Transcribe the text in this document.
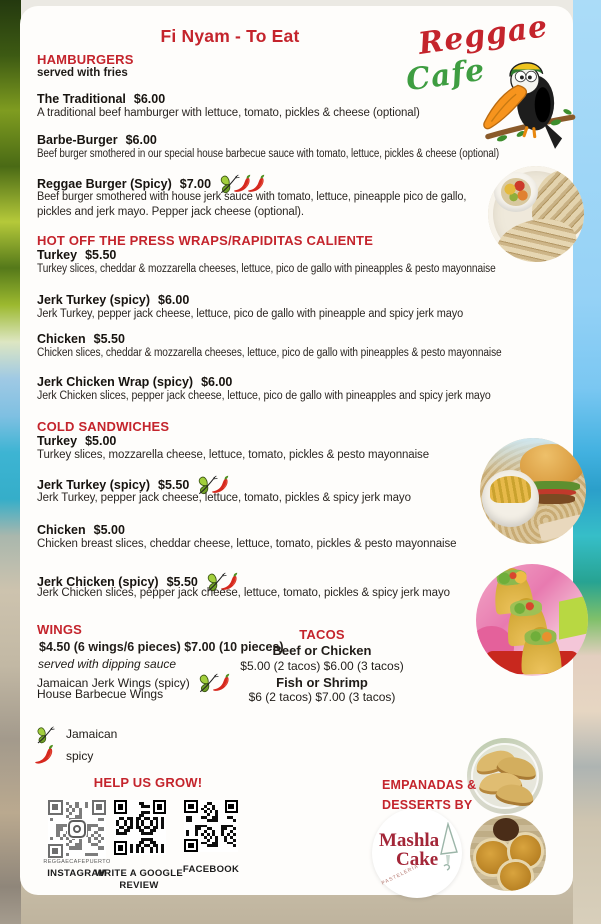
Fi Nyam - To Eat	Reggae
Cafe
HAMBURGERS
served with fries
The Traditional $6.00
A traditional beef hamburger with lettuce, tomato, pickles & cheese (optional)
Barbe-Burger $6.00
Beef burger smothered in our special house barbecue sauce with tomato, lettuce, pickles & cheese (optional)
Reggae Burger (Spicy) $7.00
Beef burger smothered with house jerk sauce with tomato, lettuce, pineapple pico de gallo,
pickles and jerk mayo. Pepper jack cheese (optional).
HOT OFF THE PRESS WRAPS/RAPIDITAS CALIENTE
Turkey $5.50
Turkey slices, cheddar & mozzarella cheeses, lettuce, pico de gallo with pineapples & pesto mayonnaise
Jerk Turkey (spicy) $6.00
Jerk Turkey, pepper jack cheese, lettuce, pico de gallo with pineapple and spicy jerk mayo
Chicken $5.50
Chicken slices, cheddar & mozzarella cheeses, lettuce, pico de gallo with pineapples & pesto mayonnaise
Jerk Chicken Wrap (spicy) $6.00
Jerk Chicken slices, pepper jack cheese, lettuce, pico de gallo with pineapples and spicy jerk mayo
COLD SANDWICHES
Turkey $5.00
Turkey slices, mozzarella cheese, lettuce, tomato, pickles & pesto mayonnaise
Jerk Turkey (spicy) $5.50
Jerk Turkey, pepper jack cheese, lettuce, tomato, pickles & spicy jerk mayo
Chicken $5.00
Chicken breast slices, cheddar cheese, lettuce, tomato, pickles & pesto mayonnaise
Jerk Chicken (spicy) $5.50
Jerk Chicken slices, pepper jack cheese, lettuce, tomato, pickles & spicy jerk mayo
WINGS
$4.50 (6 wings/6 pieces) $7.00 (10 pieces)
served with dipping sauce
Jamaican Jerk Wings (spicy)
House Barbecue Wings
TACOS
Beef or Chicken
$5.00 (2 tacos) $6.00 (3 tacos)
Fish or Shrimp
$6 (2 tacos) $7.00 (3 tacos)
Jamaican
spicy
HELP US GROW!
REGGAECAFEPUERTO
INSTAGRAM
WRITE A GOOGLE
REVIEW
FACEBOOK
EMPANADAS &
DESSERTS BY
Mashla
Cake
PASTELERÍA
